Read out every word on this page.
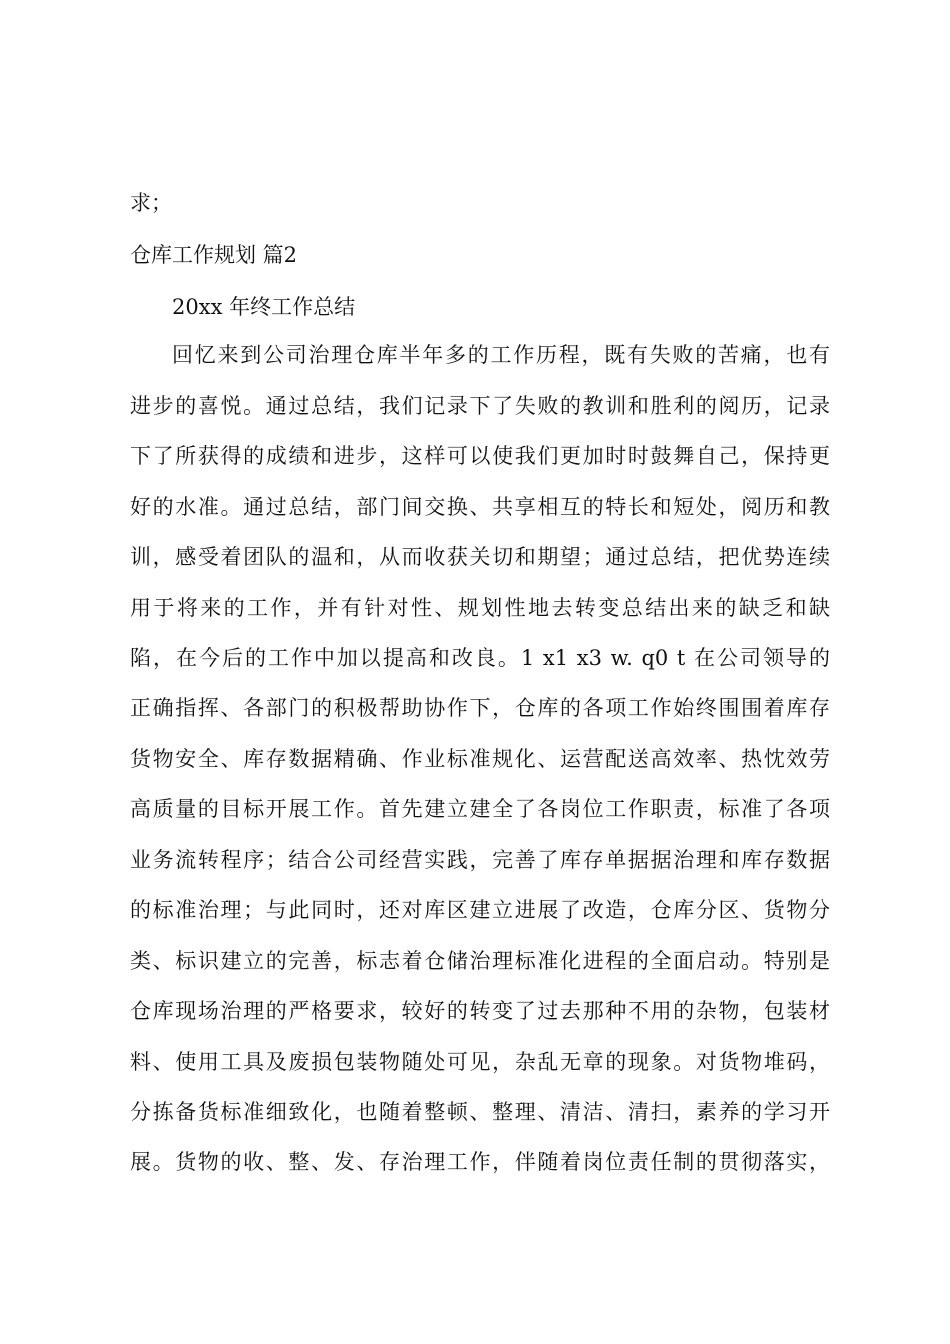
求；
仓库工作规划 篇2
20xx 年终工作总结
回忆来到公司治理仓库半年多的工作历程，既有失败的苦痛，也有
进步的喜悦。通过总结，我们记录下了失败的教训和胜利的阅历，记录
下了所获得的成绩和进步，这样可以使我们更加时时鼓舞自己，保持更
好的水准。通过总结，部门间交换、共享相互的特长和短处，阅历和教
训，感受着团队的温和，从而收获关切和期望；通过总结，把优势连续
用于将来的工作，并有针对性、规划性地去转变总结出来的缺乏和缺
陷，在今后的工作中加以提高和改良。1 x1 x3 w. q0 t 在公司领导的
正确指挥、各部门的积极帮助协作下，仓库的各项工作始终围围着库存
货物安全、库存数据精确、作业标准规化、运营配送高效率、热忱效劳
高质量的目标开展工作。首先建立建全了各岗位工作职责，标准了各项
业务流转程序；结合公司经营实践，完善了库存单据据治理和库存数据
的标准治理；与此同时，还对库区建立进展了改造，仓库分区、货物分
类、标识建立的完善，标志着仓储治理标准化进程的全面启动。特别是
仓库现场治理的严格要求，较好的转变了过去那种不用的杂物，包装材
料、使用工具及废损包装物随处可见，杂乱无章的现象。对货物堆码，
分拣备货标准细致化，也随着整顿、整理、清洁、清扫，素养的学习开
展。货物的收、整、发、存治理工作，伴随着岗位责任制的贯彻落实，
